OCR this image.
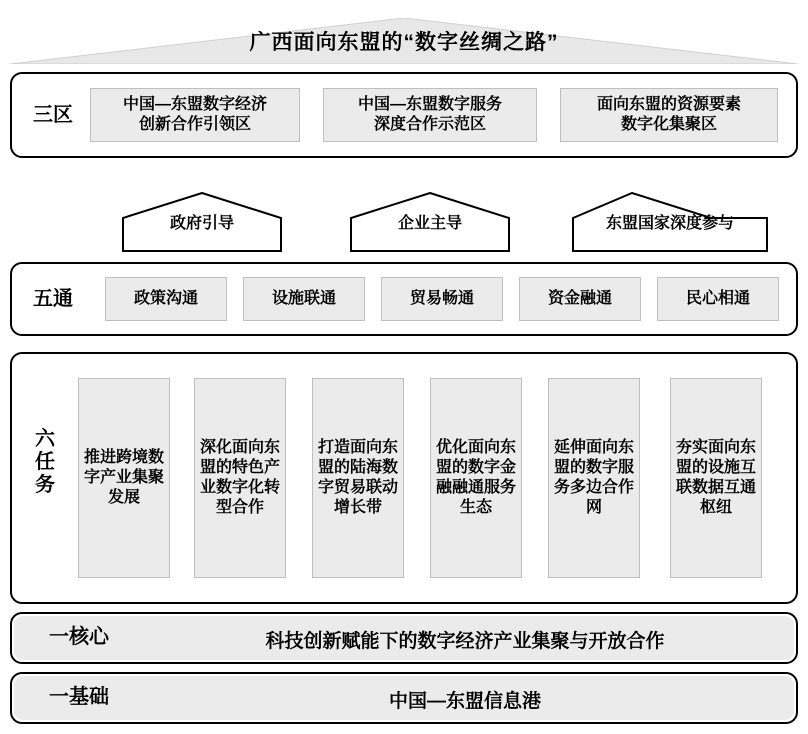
广西面向东盟的“数字丝绸之路”
三区	中国—东盟数字经济
创新合作引领区
中国—东盟数字服务
深度合作示范区
面向东盟的资源要素
数字化集聚区
政府引导	企业主导	东盟国家深度参与
五通	政策沟通	设施联通	贸易畅通	资金融通	民心相通
六
任
务
推进跨境数字产业集聚发展
深化面向东盟的特色产业数字化转型合作
打造面向东盟的陆海数字贸易联动增长带
优化面向东盟的数字金融融通服务生态
延伸面向东盟的数字服务多边合作网
夯实面向东盟的设施互联数据互通枢纽
一核心	科技创新赋能下的数字经济产业集聚与开放合作
一基础	中国—东盟信息港
